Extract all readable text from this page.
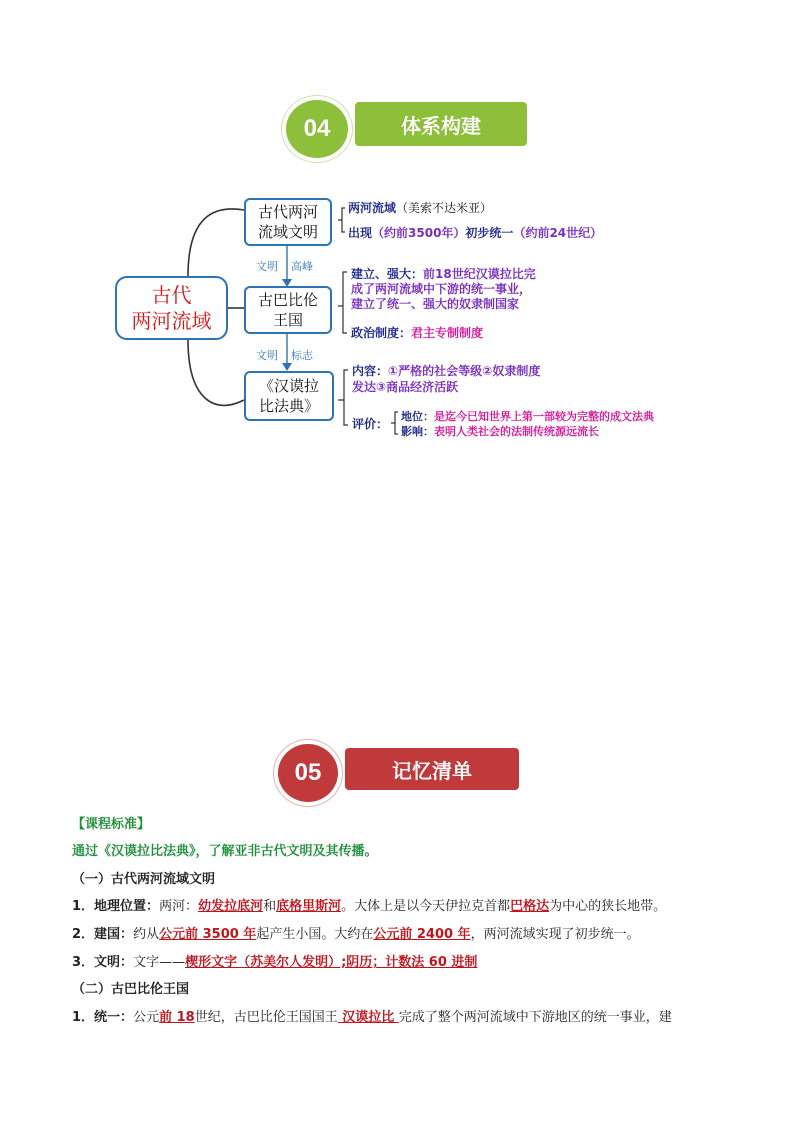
体系构建
04
古代
两河流域
古代两河
流域文明
文明 高峰
古巴比伦
王国
文明 标志
《汉谟拉
比法典》
两河流域（美索不达米亚）
出现（约前3500年）初步统一（约前24世纪）
建立、强大：前18世纪汉谟拉比完
成了两河流域中下游的统一事业，
建立了统一、强大的奴隶制国家
政治制度：君主专制制度
内容：①严格的社会等级②奴隶制度
发达③商品经济活跃
评价：
地位：是迄今已知世界上第一部较为完整的成文法典
影响：表明人类社会的法制传统源远流长
记忆清单
05
【课程标准】
通过《汉谟拉比法典》，了解亚非古代文明及其传播。
（一）古代两河流域文明
1．地理位置：两河：幼发拉底河和底格里斯河。大体上是以今天伊拉克首都巴格达为中心的狭长地带。
2．建国：约从公元前 3500 年起产生小国。大约在公元前 2400 年，两河流域实现了初步统一。
3．文明：文字——楔形文字（苏美尔人发明）;阴历；计数法 60 进制
（二）古巴比伦王国
1．统一：公元前 18世纪，古巴比伦王国国王 汉谟拉比 完成了整个两河流域中下游地区的统一事业，建
